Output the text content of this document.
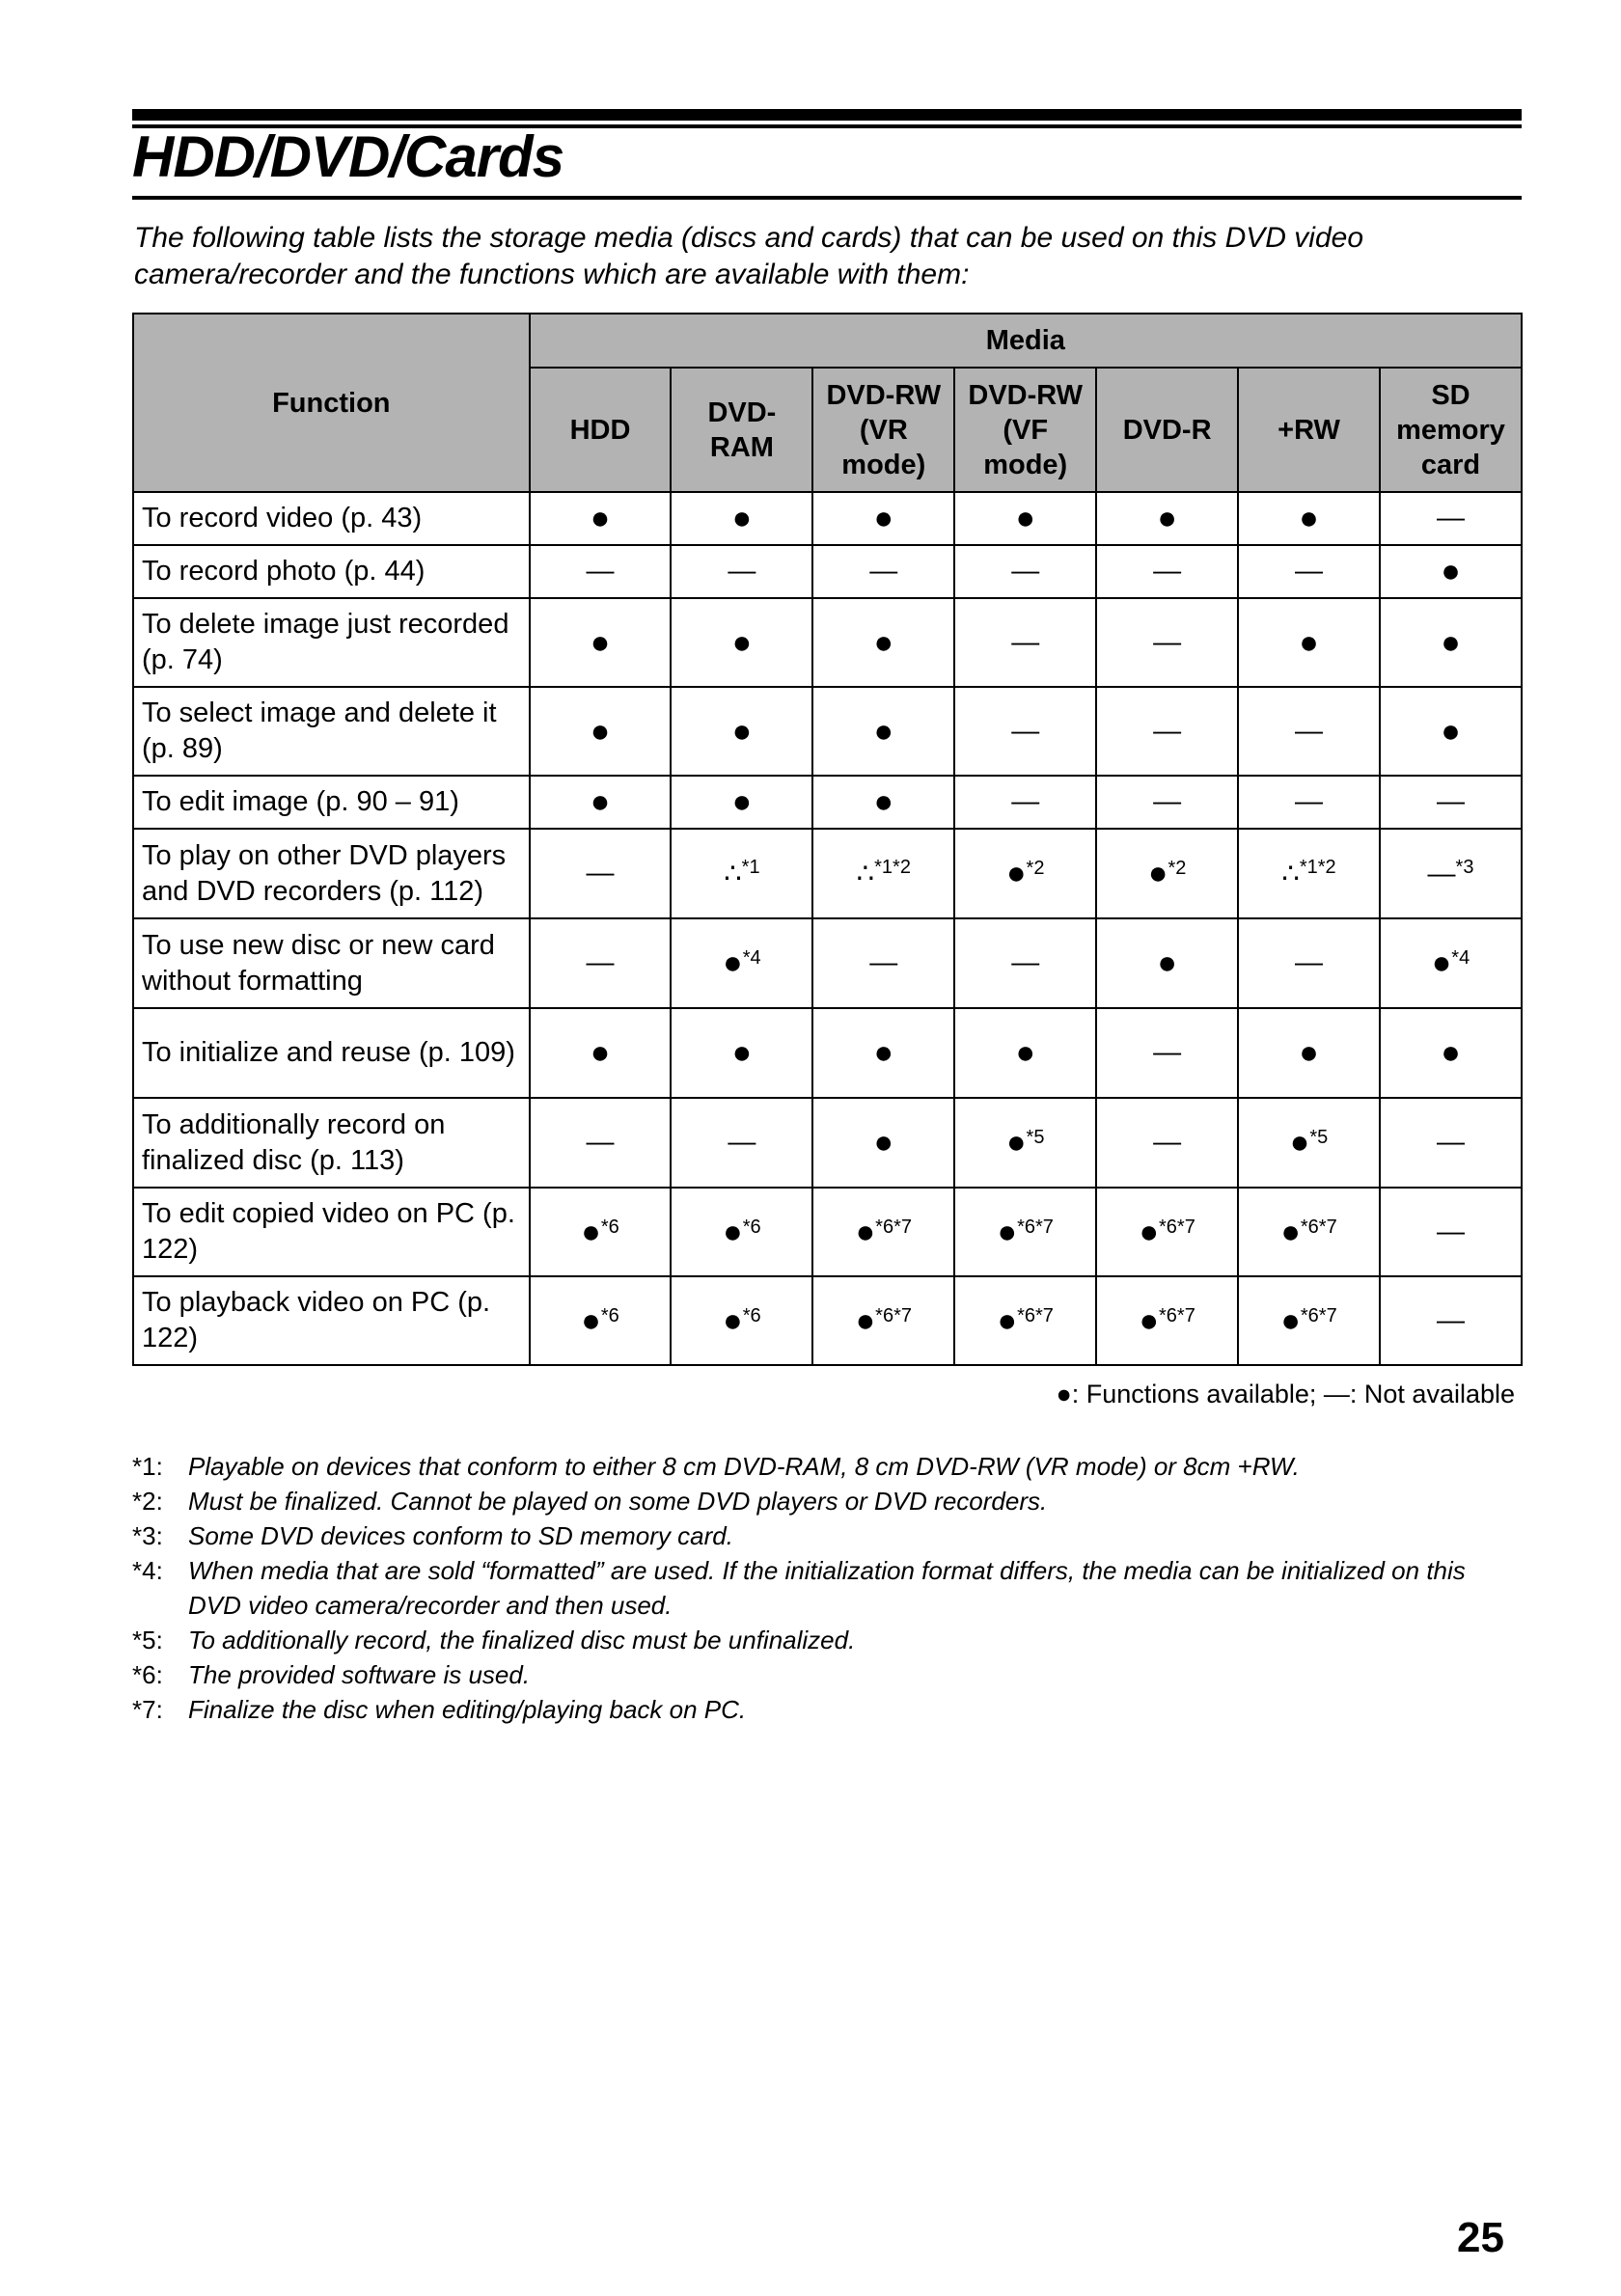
HDD/DVD/Cards
The following table lists the storage media (discs and cards) that can be used on this DVD video camera/recorder and the functions which are available with them:
Function	Media						
	HDD	DVD-RAM	DVD-RW (VR mode)	DVD-RW (VF mode)	DVD-R	+RW	SD memory card
To record video (p. 43)	●	●	●	●	●	●	—
To record photo (p. 44)	—	—	—	—	—	—	●
To delete image just recorded (p. 74)	●	●	●	—	—	●	●
To select image and delete it (p. 89)	●	●	●	—	—	—	●
To edit image (p. 90 – 91)	●	●	●	—	—	—	—
To play on other DVD players and DVD recorders (p. 112)	—	∴$^{*1}$	∴$^{*1*2}$	●$^{*2}$	●$^{*2}$	∴$^{*1*2}$	—$^{*3}$
To use new disc or new card without formatting	—	●$^{*4}$	—	—	●	—	●$^{*4}$
To initialize and reuse (p. 109)	●	●	●	●	—	●	●
To additionally record on finalized disc (p. 113)	—	—	●	●$^{*5}$	—	●$^{*5}$	—
To edit copied video on PC (p. 122)	●$^{*6}$	●$^{*6}$	●$^{*6*7}$	●$^{*6*7}$	●$^{*6*7}$	●$^{*6*7}$	—
To playback video on PC (p. 122)	●$^{*6}$	●$^{*6}$	●$^{*6*7}$	●$^{*6*7}$	●$^{*6*7}$	●$^{*6*7}$	—
●: Functions available; —: Not available
*1:	Playable on devices that conform to either 8 cm DVD-RAM, 8 cm DVD-RW (VR mode) or 8cm +RW.
*2:	Must be finalized. Cannot be played on some DVD players or DVD recorders.
*3:	Some DVD devices conform to SD memory card.
*4:	When media that are sold “formatted” are used. If the initialization format differs, the media can be initialized on this DVD video camera/recorder and then used.
*5:	To additionally record, the finalized disc must be unfinalized.
*6:	The provided software is used.
*7:	Finalize the disc when editing/playing back on PC.
25
